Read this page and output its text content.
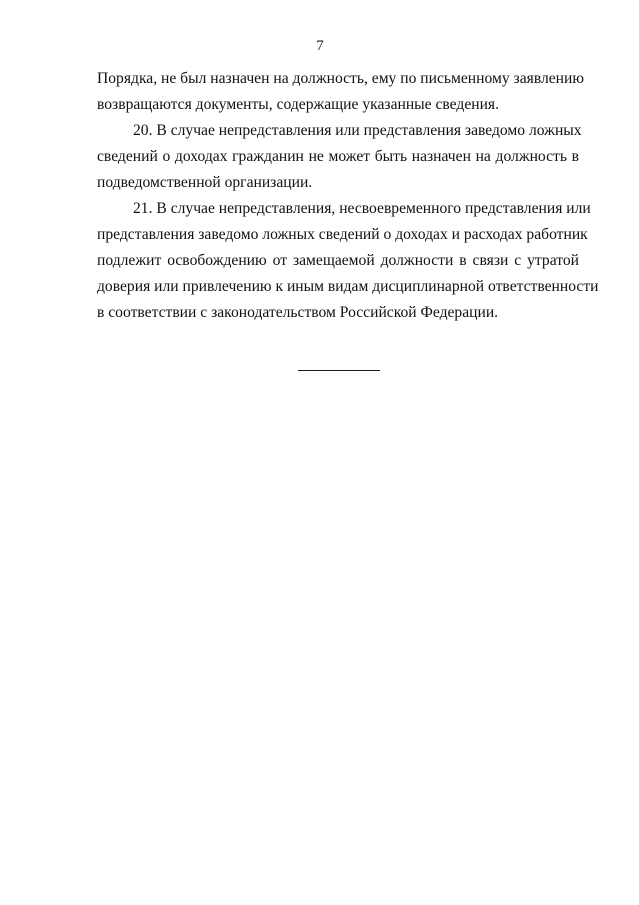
7
Порядка, не был назначен на должность, ему по письменному заявлению
возвращаются документы, содержащие указанные сведения.
20. В случае непредставления или представления заведомо ложных
сведений о доходах гражданин не может быть назначен на должность в
подведомственной организации.
21. В случае непредставления, несвоевременного представления или
представления заведомо ложных сведений о доходах и расходах работник
подлежит освобождению от замещаемой должности в связи с утратой
доверия или привлечению к иным видам дисциплинарной ответственности
в соответствии с законодательством Российской Федерации.
